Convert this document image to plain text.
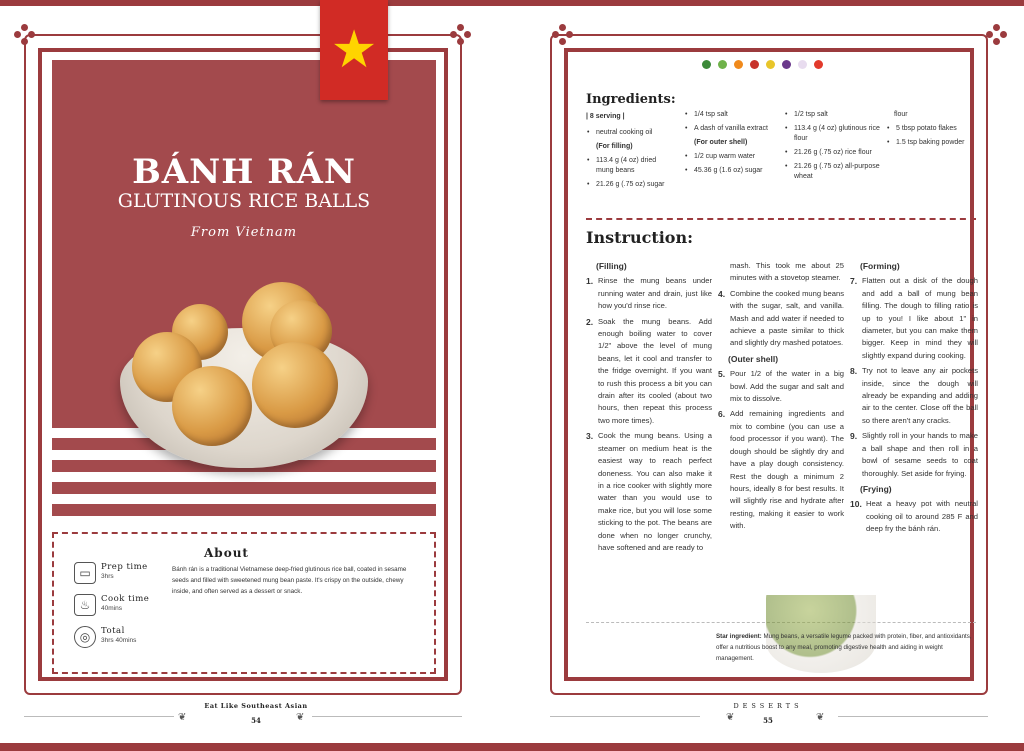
BÁNH RÁN
GLUTINOUS RICE BALLS
From Vietnam
★
About
Bánh rán is a traditional Vietnamese deep-fried glutinous rice ball, coated in sesame seeds and filled with sweetened mung bean paste. It's crispy on the outside, chewy inside, and often served as a dessert or snack.
▭	Prep time
3hrs
♨	Cook time
40mins
◎	Total
3hrs 40mins
❦	❦
Eat Like Southeast Asian
54
Ingredients:
| 8 serving |
• neutral cooking oil
(For filling)
• 113.4 g (4 oz) dried mung beans
• 21.26 g (.75 oz) sugar
• 1/4 tsp salt
• A dash of vanilla extract
(For outer shell)
• 1/2 cup warm water
• 45.36 g (1.6 oz) sugar
• 1/2 tsp salt
• 113.4 g (4 oz) glutinous rice flour
• 21.26 g (.75 oz) rice flour
• 21.26 g (.75 oz) all-purpose wheat
flour
• 5 tbsp potato flakes
• 1.5 tsp baking powder
Instruction:
(Filling)
1. Rinse the mung beans under running water and drain, just like how you'd rinse rice.
2. Soak the mung beans. Add enough boiling water to cover 1/2" above the level of mung beans, let it cool and transfer to the fridge overnight. If you want to rush this process a bit you can drain after its cooled (about two hours, then repeat this process two more times).
3. Cook the mung beans. Using a steamer on medium heat is the easiest way to reach perfect doneness. You can also make it in a rice cooker with slightly more water than you would use to make rice, but you will lose some sticking to the pot. The beans are done when no longer crunchy, have softened and are ready to
mash. This took me about 25 minutes with a stovetop steamer.
4. Combine the cooked mung beans with the sugar, salt, and vanilla. Mash and add water if needed to achieve a paste similar to thick and slightly dry mashed potatoes.
(Outer shell)
5. Pour 1/2 of the water in a big bowl. Add the sugar and salt and mix to dissolve.
6. Add remaining ingredients and mix to combine (you can use a food processor if you want). The dough should be slightly dry and have a play dough consistency. Rest the dough a minimum 2 hours, ideally 8 for best results. It will slightly rise and hydrate after resting, making it easier to work with.
(Forming)
7. Flatten out a disk of the dough and add a ball of mung bean filling. The dough to filling ratio is up to you! I like about 1" in diameter, but you can make them bigger. Keep in mind they will slightly expand during cooking.
8. Try not to leave any air pockets inside, since the dough will already be expanding and adding air to the center. Close off the ball so there aren't any cracks.
9. Slightly roll in your hands to make a ball shape and then roll in a bowl of sesame seeds to coat thoroughly. Set aside for frying.
(Frying)
10. Heat a heavy pot with neutral cooking oil to around 285 F and deep fry the bánh rán.
Star ingredient: Mung beans, a versatile legume packed with protein, fiber, and antioxidants, offer a nutritious boost to any meal, promoting digestive health and aiding in weight management.
❦	❦
DESSERTS
55
